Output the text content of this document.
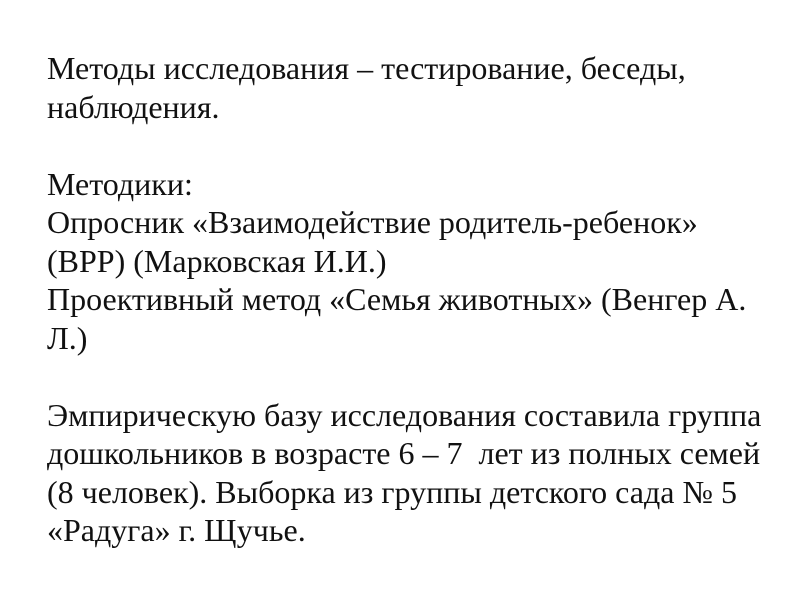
Методы исследования – тестирование, беседы,
наблюдения.
Методики:
Опросник «Взаимодействие родитель-ребенок»
(ВРР) (Марковская И.И.)
Проективный метод «Семья животных» (Венгер А.
Л.)
Эмпирическую базу исследования составила группа
дошкольников в возрасте 6 – 7  лет из полных семей
(8 человек). Выборка из группы детского сада № 5
«Радуга» г. Щучье.
